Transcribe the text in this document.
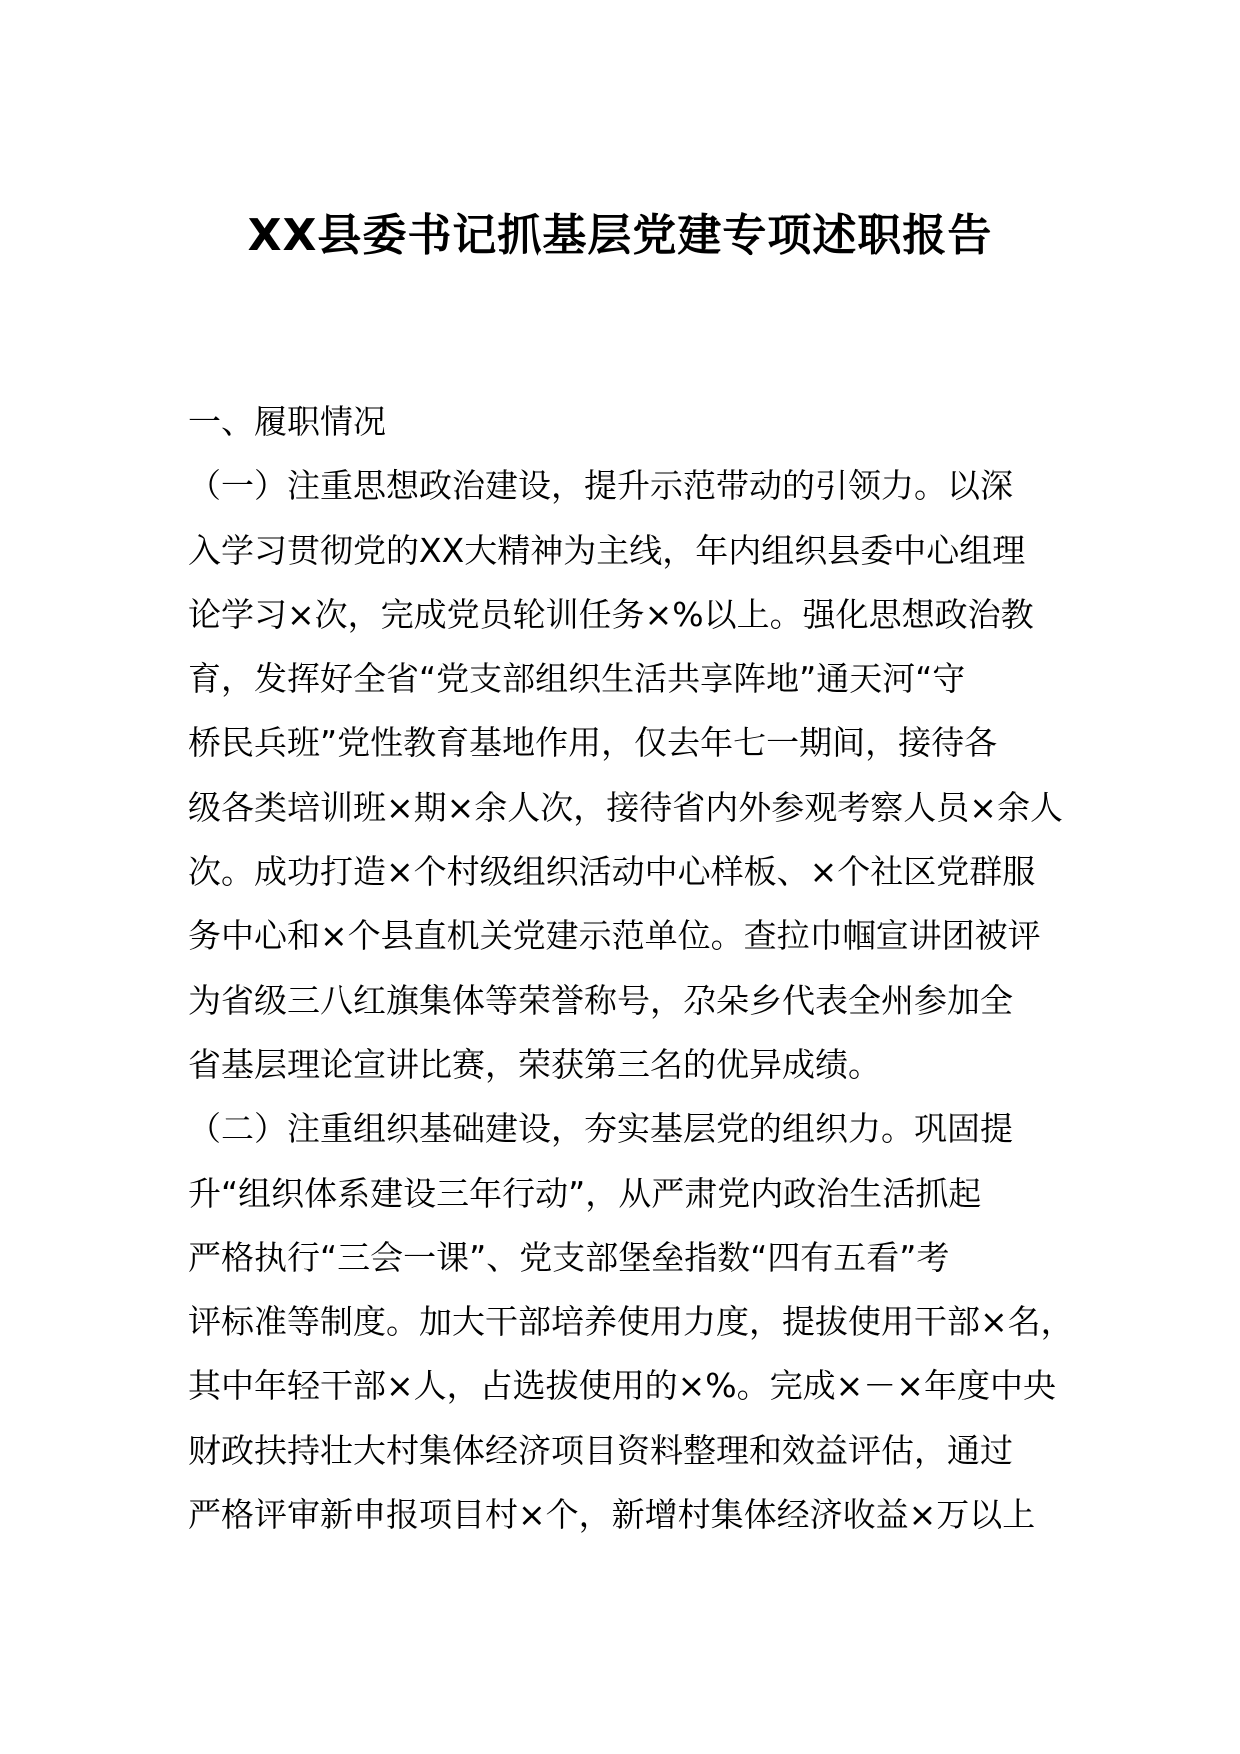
XX县委书记抓基层党建专项述职报告
一、履职情况
（一）注重思想政治建设，提升示范带动的引领力。以深
入学习贯彻党的XX大精神为主线，年内组织县委中心组理
论学习×次，完成党员轮训任务×%以上。强化思想政治教
育，发挥好全省“党支部组织生活共享阵地”通天河“守
桥民兵班”党性教育基地作用，仅去年七一期间，接待各
级各类培训班×期×余人次，接待省内外参观考察人员×余人
次。成功打造×个村级组织活动中心样板、×个社区党群服
务中心和×个县直机关党建示范单位。查拉巾帼宣讲团被评
为省级三八红旗集体等荣誉称号，尕朵乡代表全州参加全
省基层理论宣讲比赛，荣获第三名的优异成绩。
（二）注重组织基础建设，夯实基层党的组织力。巩固提
升“组织体系建设三年行动”，从严肃党内政治生活抓起
严格执行“三会一课”、党支部堡垒指数“四有五看”考
评标准等制度。加大干部培养使用力度，提拔使用干部×名，
其中年轻干部×人，占选拔使用的×%。完成×－×年度中央
财政扶持壮大村集体经济项目资料整理和效益评估，通过
严格评审新申报项目村×个，新增村集体经济收益×万以上
